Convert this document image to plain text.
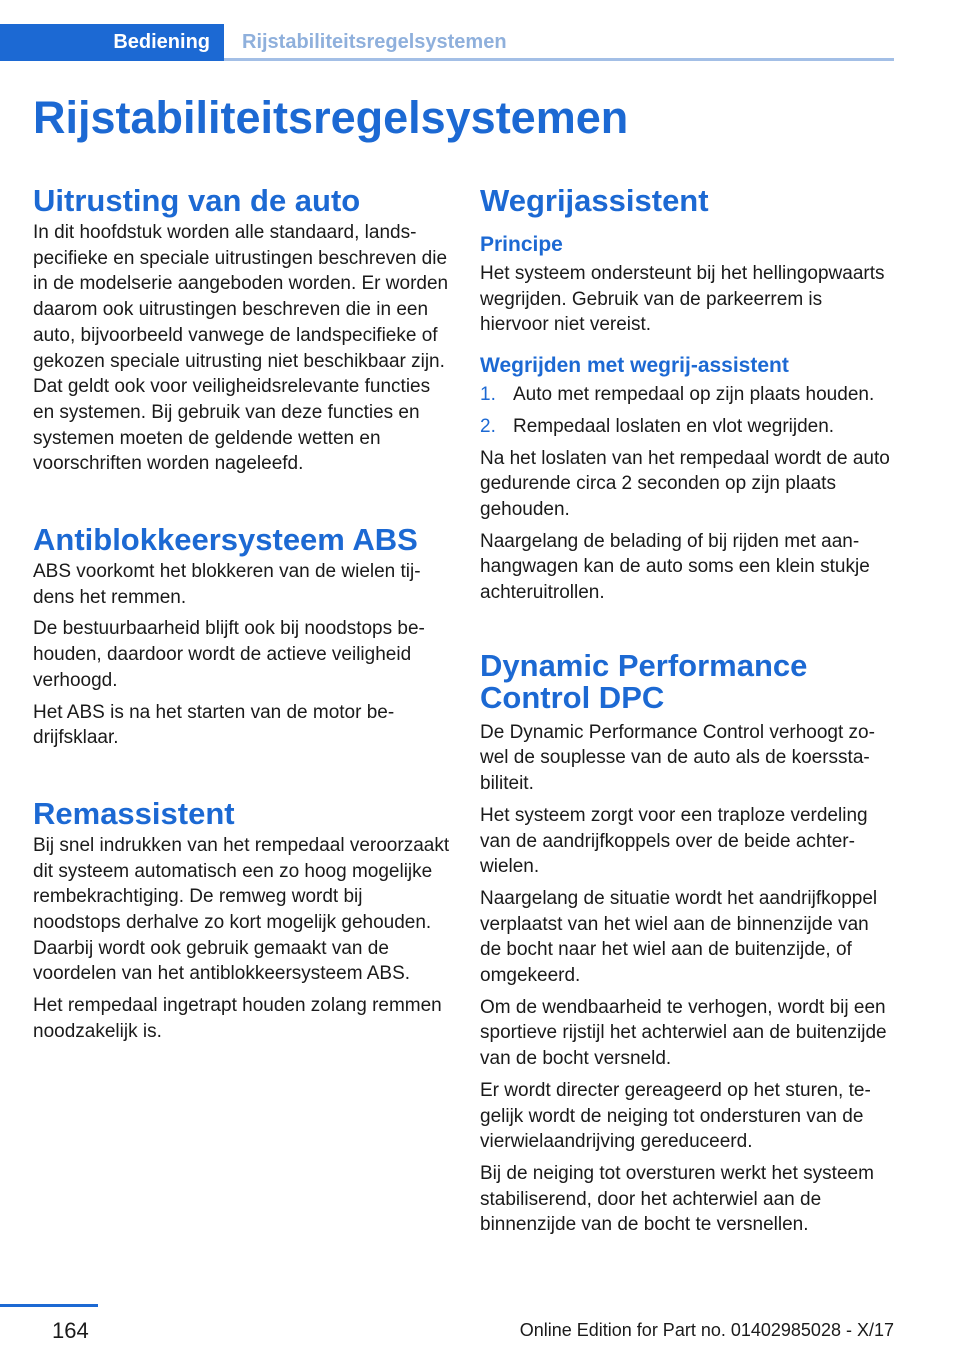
Bediening	Rijstabiliteitsregelsystemen
Rijstabiliteitsregelsystemen
Uitrusting van de auto

In dit hoofdstuk worden alle standaard, landspecifieke en speciale uitrustingen beschreven die in de modelserie aangeboden worden. Er worden daarom ook uitrustingen beschreven die in een auto, bijvoorbeeld vanwege de landspecifieke of gekozen speciale uitrusting niet beschikbaar zijn. Dat geldt ook voor veiligheidsrelevante functies en systemen. Bij gebruik van deze functies en systemen moeten de geldende wetten en voorschriften worden nageleefd.

Antiblokkeersysteem ABS

ABS voorkomt het blokkeren van de wielen tijdens het remmen.

De bestuurbaarheid blijft ook bij noodstops behouden, daardoor wordt de actieve veiligheid verhoogd.

Het ABS is na het starten van de motor bedrijfsklaar.

Remassistent

Bij snel indrukken van het rempedaal veroorzaakt dit systeem automatisch een zo hoog mogelijke rembekrachtiging. De remweg wordt bij noodstops derhalve zo kort mogelijk gehouden. Daarbij wordt ook gebruik gemaakt van de voordelen van het antiblokkeersysteem ABS.

Het rempedaal ingetrapt houden zolang remmen noodzakelijk is.

Wegrijassistent
Principe

Het systeem ondersteunt bij het hellingopwaarts wegrijden. Gebruik van de parkeerrem is hiervoor niet vereist.

Wegrijden met wegrij-assistent
1. Auto met rempedaal op zijn plaats houden.
2. Rempedaal loslaten en vlot wegrijden.

Na het loslaten van het rempedaal wordt de auto gedurende circa 2 seconden op zijn plaats gehouden.

Naargelang de belading of bij rijden met aanhangwagen kan de auto soms een klein stukje achteruitrollen.

Dynamic Performance
Control DPC

De Dynamic Performance Control verhoogt zowel de souplesse van de auto als de koersstabiliteit.

Het systeem zorgt voor een traploze verdeling van de aandrijfkoppels over de beide achterwielen.

Naargelang de situatie wordt het aandrijfkoppel verplaatst van het wiel aan de binnenzijde van de bocht naar het wiel aan de buitenzijde, of omgekeerd.

Om de wendbaarheid te verhogen, wordt bij een sportieve rijstijl het achterwiel aan de buitenzijde van de bocht versneld.

Er wordt directer gereageerd op het sturen, tegelijk wordt de neiging tot ondersturen van de vierwielaandrijving gereduceerd.

Bij de neiging tot oversturen werkt het systeem stabiliserend, door het achterwiel aan de binnenzijde van de bocht te versnellen.

164	Online Edition for Part no. 01402985028 - X/17
